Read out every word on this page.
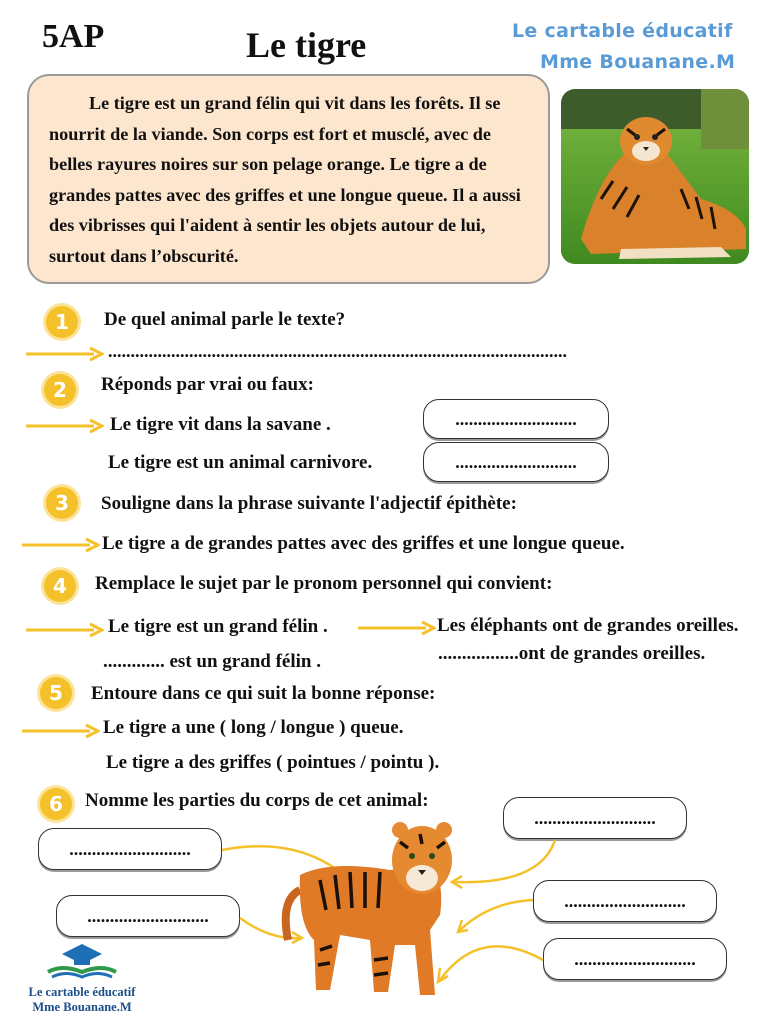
5AP	Le tigre	Le cartable éducatif
Mme Bouanane.M

Le tigre est un grand félin qui vit dans les forêts. Il se nourrit de la viande. Son corps est fort et musclé, avec de belles rayures noires sur son pelage orange. Le tigre a de grandes pattes avec des griffes et une longue queue. Il a aussi des vibrisses qui l'aident à sentir les objets autour de lui, surtout dans l’obscurité.

1	De quel animal parle le texte?
......................................................................................................
2	Réponds par vrai ou faux:
Le tigre vit dans la savane .
Le tigre est un animal carnivore.
...........................
...........................
3	Souligne dans la phrase suivante l'adjectif épithète:
Le tigre a de grandes pattes avec des griffes et une longue queue.
4	Remplace le sujet par le pronom personnel qui convient:
Le tigre est un grand félin .
............. est un grand félin .
Les éléphants ont de grandes oreilles.
.................ont de grandes oreilles.
5	Entoure dans ce qui suit la bonne réponse:
Le tigre a une ( long / longue ) queue.
Le tigre a des griffes ( pointues / pointu ).
6	Nomme les parties du corps de cet animal:
...........................
...........................
...........................
...........................
...........................
Le cartable éducatif
Mme Bouanane.M
